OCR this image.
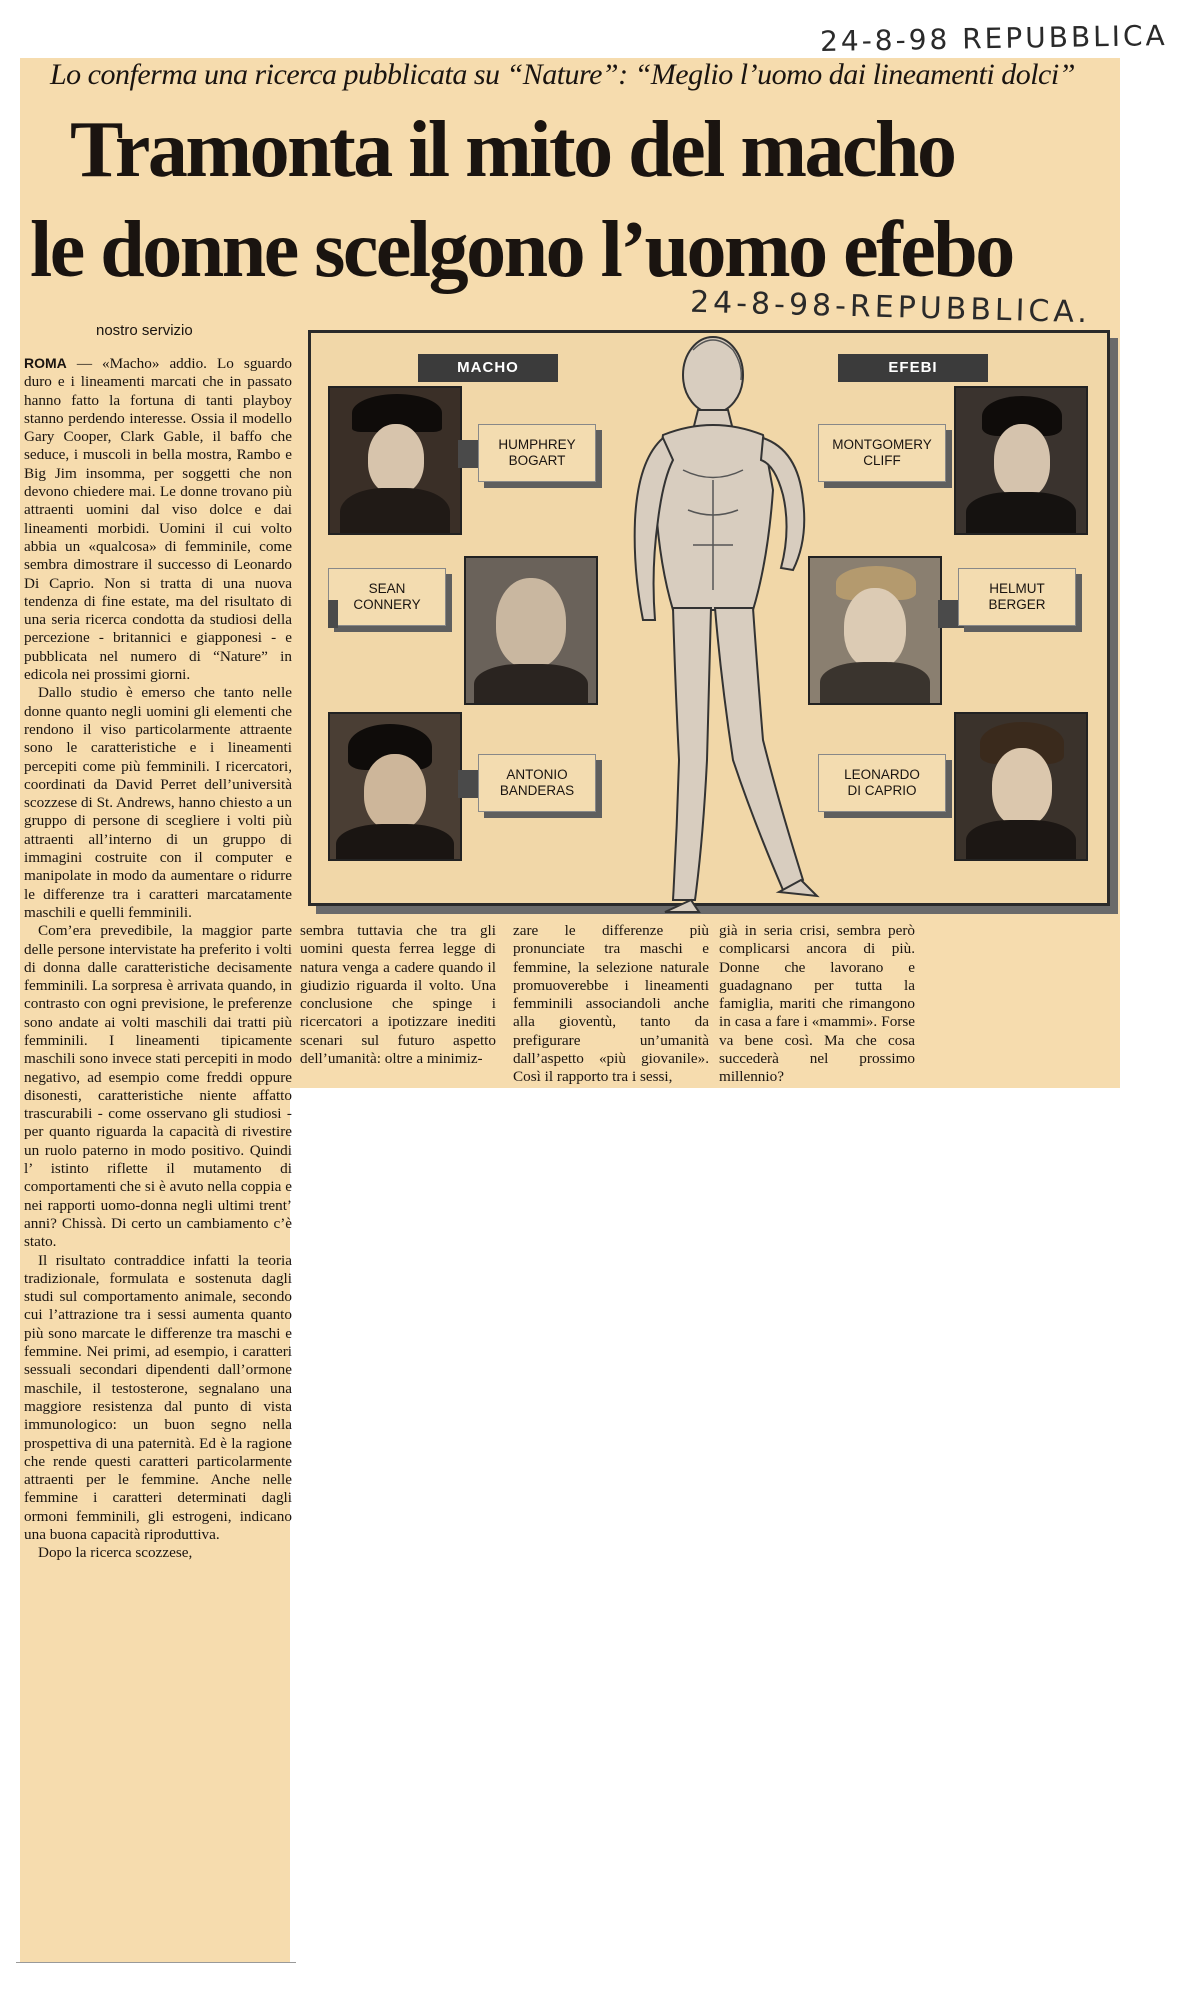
24-8-98 REPUBBLICA
Lo conferma una ricerca pubblicata su “Nature”: “Meglio l’uomo dai lineamenti dolci”
Tramonta il mito del macho
le donne scelgono l’uomo efebo
nostro servizio
24-8-98-REPUBBLICA.

ROMA — «Macho» addio. Lo sguardo duro e i lineamenti marcati che in passato hanno fatto la fortuna di tanti playboy stanno perdendo interesse. Ossia il modello Gary Cooper, Clark Gable, il baffo che seduce, i muscoli in bella mostra, Rambo e Big Jim insomma, per soggetti che non devono chiedere mai. Le donne trovano più attraenti uomini dal viso dolce e dai lineamenti morbidi. Uomini il cui volto abbia un «qualcosa» di femminile, come sembra dimostrare il successo di Leonardo Di Caprio. Non si tratta di una nuova tendenza di fine estate, ma del risultato di una seria ricerca condotta da studiosi della percezione - britannici e giapponesi - e pubblicata nel numero di “Nature” in edicola nei prossimi giorni.

Dallo studio è emerso che tanto nelle donne quanto negli uomini gli elementi che rendono il viso particolarmente attraente sono le caratteristiche e i lineamenti percepiti come più femminili. I ricercatori, coordinati da David Perret dell’università scozzese di St. Andrews, hanno chiesto a un gruppo di persone di scegliere i volti più attraenti all’interno di un gruppo di immagini costruite con il computer e manipolate in modo da aumentare o ridurre le differenze tra i caratteri marcatamente maschili e quelli femminili.

Com’era prevedibile, la maggior parte delle persone intervistate ha preferito i volti di donna dalle caratteristiche decisamente femminili. La sorpresa è arrivata quando, in contrasto con ogni previsione, le preferenze sono andate ai volti maschili dai tratti più femminili. I lineamenti tipicamente maschili sono invece stati percepiti in modo negativo, ad esempio come freddi oppure disonesti, caratteristiche niente affatto trascurabili - come osservano gli studiosi - per quanto riguarda la capacità di rivestire un ruolo paterno in modo positivo. Quindi l’ istinto riflette il mutamento di comportamenti che si è avuto nella coppia e nei rapporti uomo-donna negli ultimi trent’ anni? Chissà. Di certo un cambiamento c’è stato.

Il risultato contraddice infatti la teoria tradizionale, formulata e sostenuta dagli studi sul comportamento animale, secondo cui l’attrazione tra i sessi aumenta quanto più sono marcate le differenze tra maschi e femmine. Nei primi, ad esempio, i caratteri sessuali secondari dipendenti dall’ormone maschile, il testosterone, segnalano una maggiore resistenza dal punto di vista immunologico: un buon segno nella prospettiva di una paternità. Ed è la ragione che rende questi caratteri particolarmente attraenti per le femmine. Anche nelle femmine i caratteri determinati dagli ormoni femminili, gli estrogeni, indicano una buona capacità riproduttiva.

Dopo la ricerca scozzese,

sembra tuttavia che tra gli uomini questa ferrea legge di natura venga a cadere quando il giudizio riguarda il volto. Una conclusione che spinge i ricercatori a ipotizzare inediti scenari sul futuro aspetto dell’umanità: oltre a minimiz-

zare le differenze più pronunciate tra maschi e femmine, la selezione naturale promuoverebbe i lineamenti femminili associandoli anche alla gioventù, tanto da prefigurare un’umanità dall’aspetto «più giovanile». Così il rapporto tra i sessi,

già in seria crisi, sembra però complicarsi ancora di più. Donne che lavorano e guadagnano per tutta la famiglia, mariti che rimangono in casa a fare i «mammi». Forse va bene così. Ma che cosa succederà nel prossimo millennio?

MACHO	EFEBI
HUMPHREY
BOGART
SEAN
CONNERY
ANTONIO
BANDERAS
MONTGOMERY
CLIFF
HELMUT
BERGER
LEONARDO
DI CAPRIO
